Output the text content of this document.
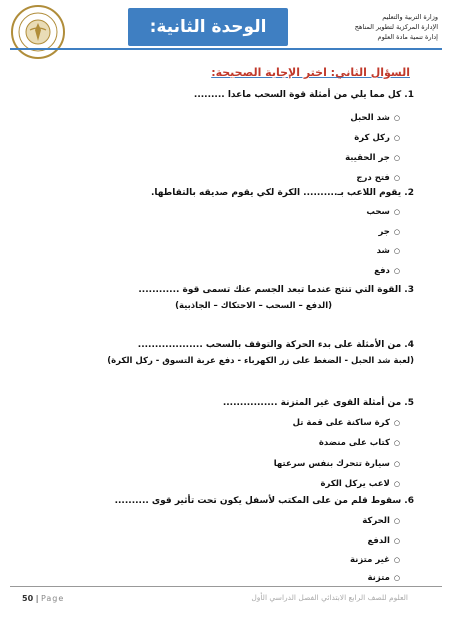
الوحدة الثانية: الحركة
وزارة التربية والتعليم
الإدارة المركزية لتطوير المناهج
إدارة تنمية مادة العلوم
السؤال الثاني: اختر الإجابة الصحيحة:
1. كل مما يلي من أمثلة قوة السحب ماعدا .........
○شد الحبل
○ركل كرة
○جر الحقيبة
○فتح درج
2. يقوم اللاعب بـ.......... الكرة لكي يقوم صديقه بالتقاطها.
○سحب
○جر
○شد
○دفع
3. القوة التي تنتج عندما تبعد الجسم عنك تسمى قوة ............
(الدفع – السحب – الاحتكاك – الجاذبية)
4. من الأمثلة على بدء الحركة والتوقف بالسحب ...................
(لعبة شد الحبل - الضغط على زر الكهرباء - دفع عربة التسوق - ركل الكرة)
5. من أمثلة القوى غير المتزنة ................
○كرة ساكنة على قمة تل
○كتاب على منضدة
○سيارة تتحرك بنفس سرعتها
○لاعب يركل الكرة
6. سقوط قلم من على المكتب لأسفل يكون تحت تأثير قوى ..........
○الحركة
○الدفع
○غير متزنة
○متزنة
50 | Page	العلوم للصف الرابع الابتدائي الفصل الدراسي الأول
